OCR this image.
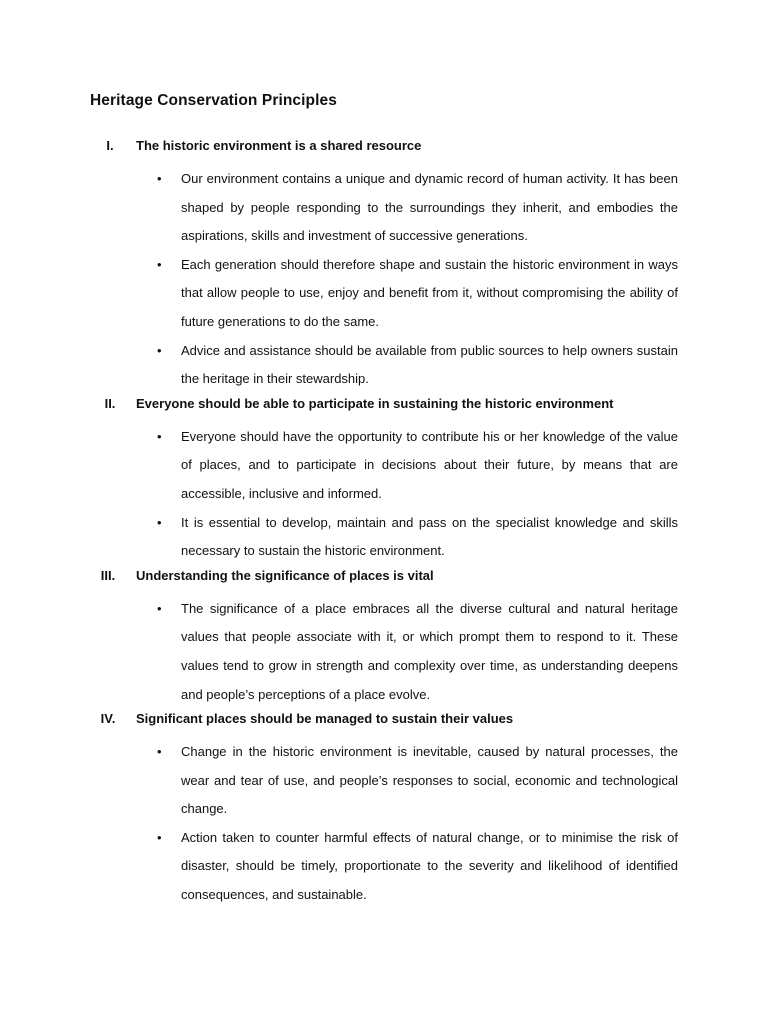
Heritage Conservation Principles
I.	The historic environment is a shared resource
• Our environment contains a unique and dynamic record of human activity. It has been shaped by people responding to the surroundings they inherit, and embodies the aspirations, skills and investment of successive generations.
• Each generation should therefore shape and sustain the historic environment in ways that allow people to use, enjoy and benefit from it, without compromising the ability of future generations to do the same.
• Advice and assistance should be available from public sources to help owners sustain the heritage in their stewardship.
II.	Everyone should be able to participate in sustaining the historic environment
• Everyone should have the opportunity to contribute his or her knowledge of the value of places, and to participate in decisions about their future, by means that are accessible, inclusive and informed.
• It is essential to develop, maintain and pass on the specialist knowledge and skills necessary to sustain the historic environment.
III.	Understanding the significance of places is vital
• The significance of a place embraces all the diverse cultural and natural heritage values that people associate with it, or which prompt them to respond to it. These values tend to grow in strength and complexity over time, as understanding deepens and people’s perceptions of a place evolve.
IV.	Significant places should be managed to sustain their values
• Change in the historic environment is inevitable, caused by natural processes, the wear and tear of use, and people’s responses to social, economic and technological change.
• Action taken to counter harmful effects of natural change, or to minimise the risk of disaster, should be timely, proportionate to the severity and likelihood of identified consequences, and sustainable.
